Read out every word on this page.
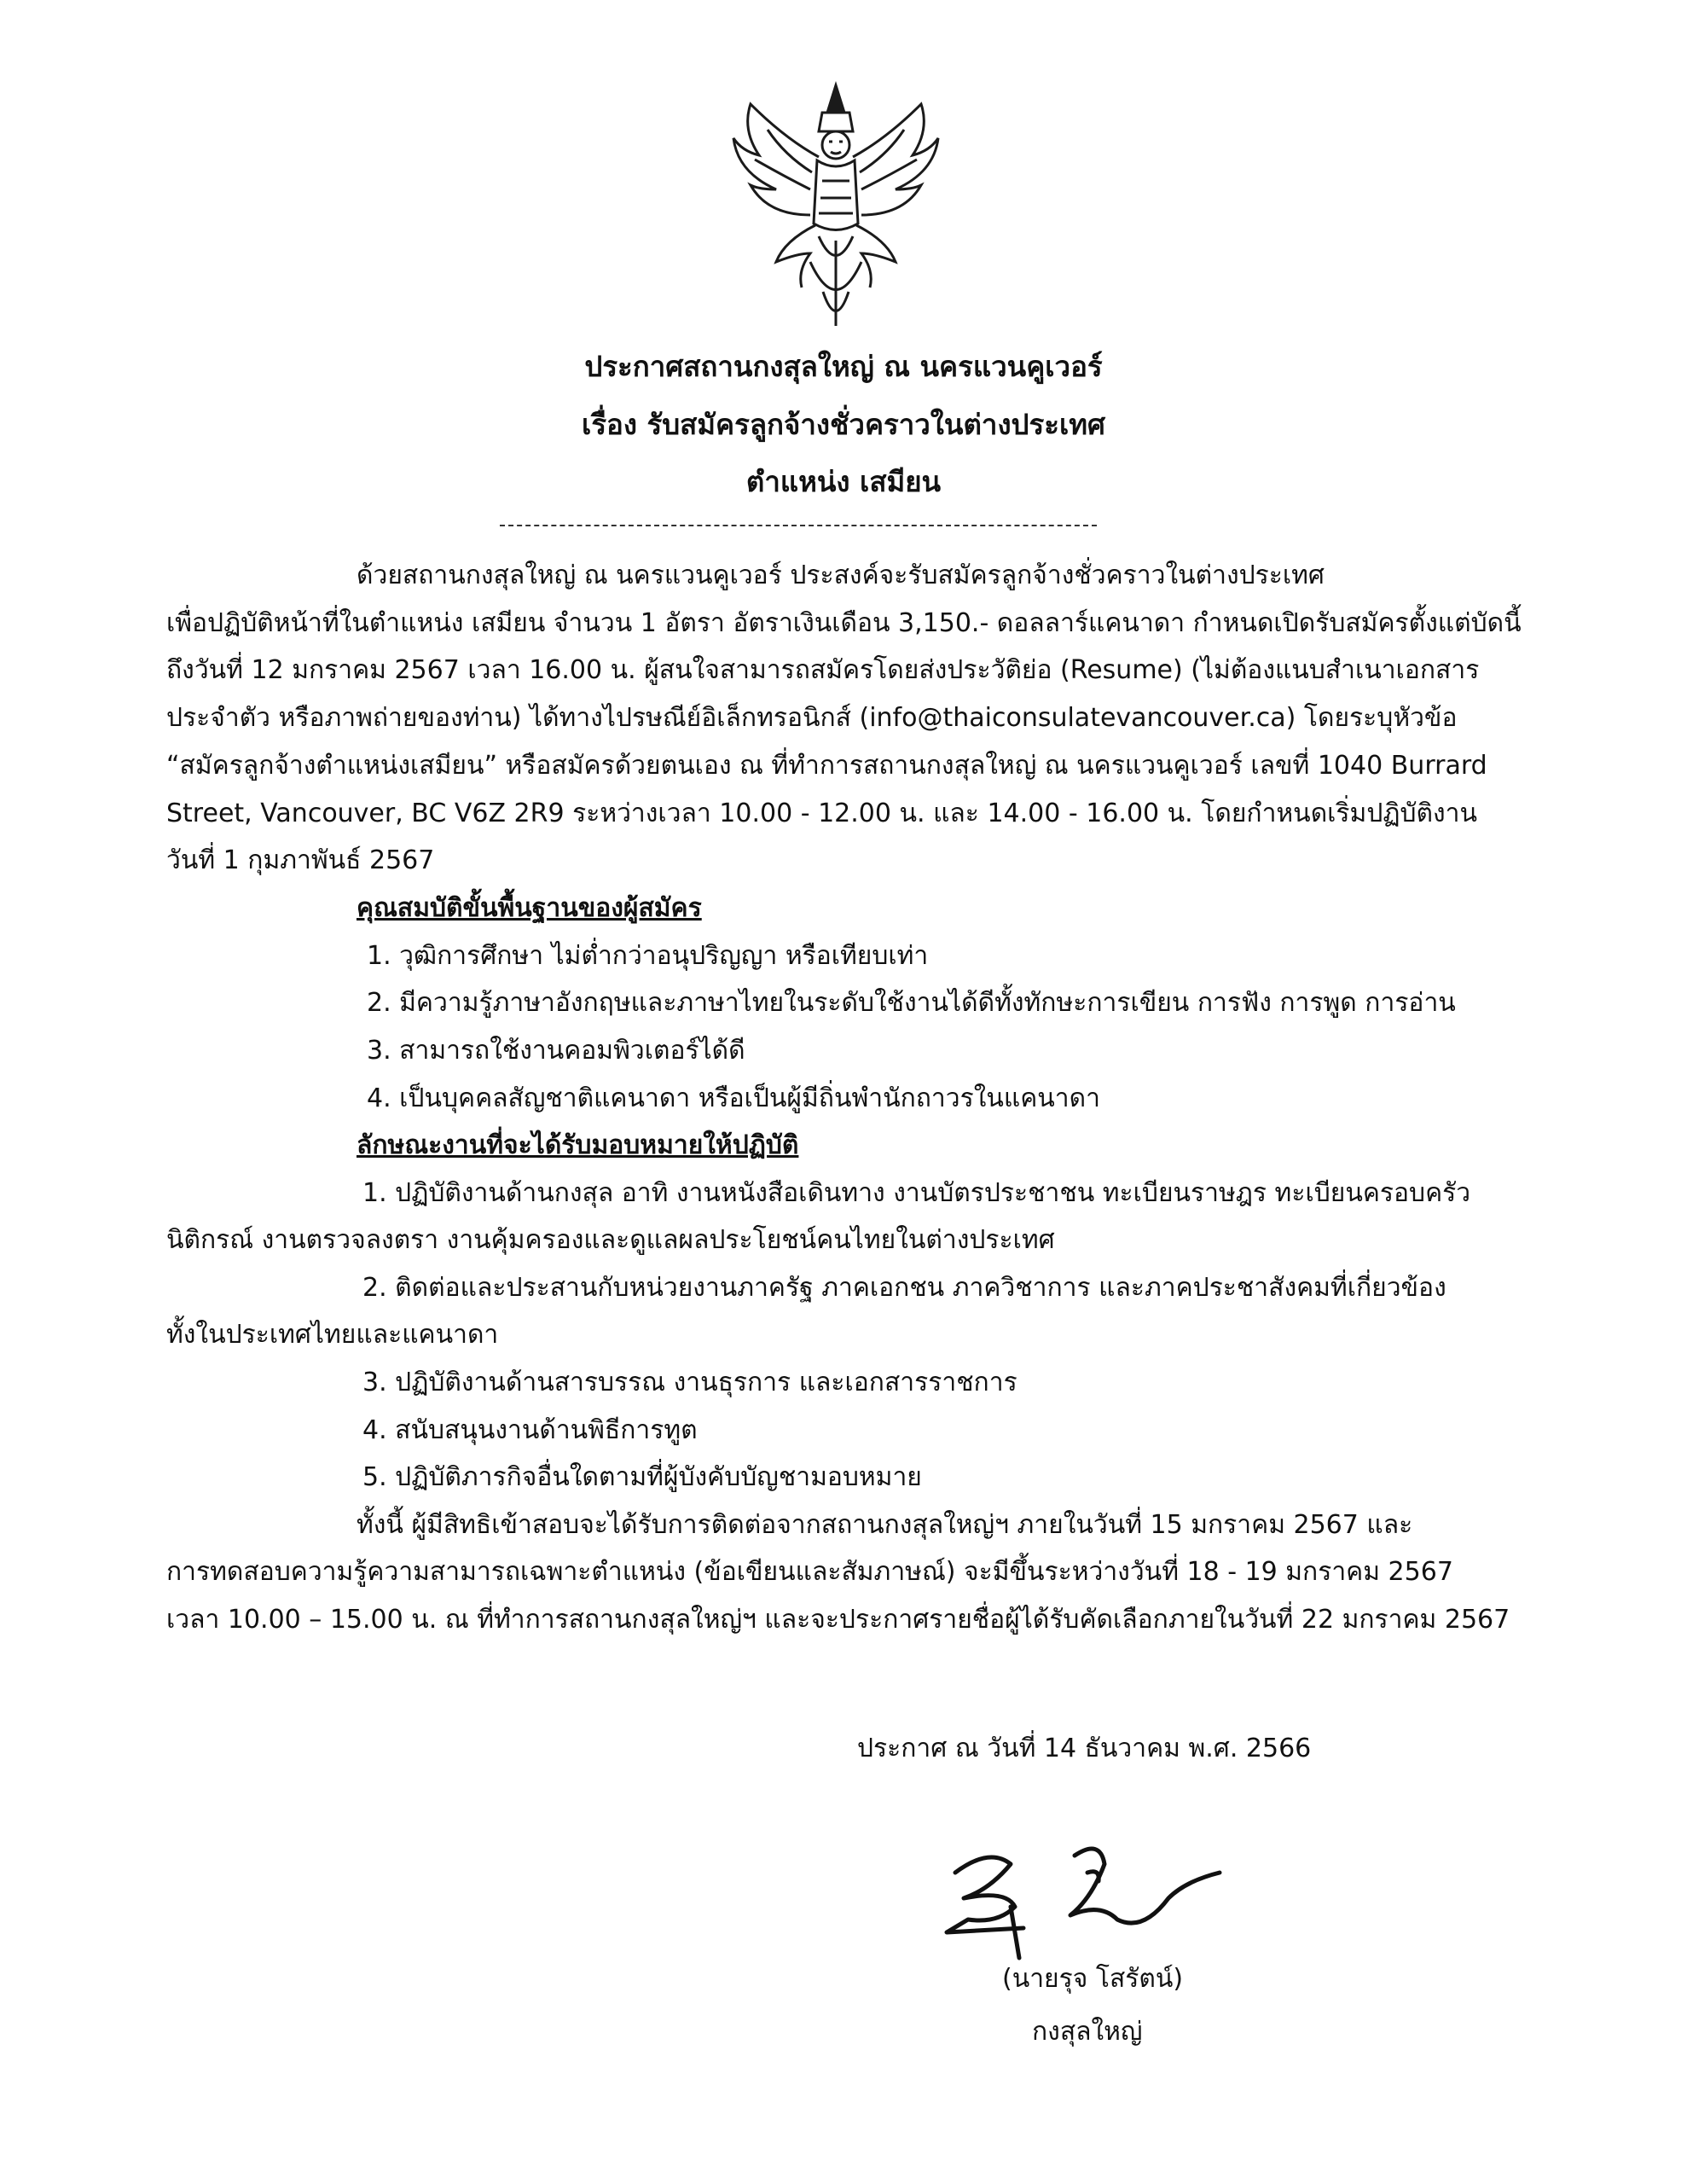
ประกาศสถานกงสุลใหญ่ ณ นครแวนคูเวอร์
เรื่อง รับสมัครลูกจ้างชั่วคราวในต่างประเทศ
ตำแหน่ง เสมียน
ด้วยสถานกงสุลใหญ่ ณ นครแวนคูเวอร์ ประสงค์จะรับสมัครลูกจ้างชั่วคราวในต่างประเทศ
เพื่อปฏิบัติหน้าที่ในตำแหน่ง เสมียน จำนวน 1 อัตรา อัตราเงินเดือน 3,150.- ดอลลาร์แคนาดา กำหนดเปิดรับสมัครตั้งแต่บัดนี้
ถึงวันที่ 12 มกราคม 2567 เวลา 16.00 น. ผู้สนใจสามารถสมัครโดยส่งประวัติย่อ (Resume) (ไม่ต้องแนบสำเนาเอกสาร
ประจำตัว หรือภาพถ่ายของท่าน) ได้ทางไปรษณีย์อิเล็กทรอนิกส์ (info@thaiconsulatevancouver.ca) โดยระบุหัวข้อ
“สมัครลูกจ้างตำแหน่งเสมียน” หรือสมัครด้วยตนเอง ณ ที่ทำการสถานกงสุลใหญ่ ณ นครแวนคูเวอร์ เลขที่ 1040 Burrard
Street, Vancouver, BC V6Z 2R9 ระหว่างเวลา 10.00 - 12.00 น. และ 14.00 - 16.00 น. โดยกำหนดเริ่มปฏิบัติงาน
วันที่ 1 กุมภาพันธ์ 2567
คุณสมบัติขั้นพื้นฐานของผู้สมัคร
1. วุฒิการศึกษา ไม่ต่ำกว่าอนุปริญญา หรือเทียบเท่า
2. มีความรู้ภาษาอังกฤษและภาษาไทยในระดับใช้งานได้ดีทั้งทักษะการเขียน การฟัง การพูด การอ่าน
3. สามารถใช้งานคอมพิวเตอร์ได้ดี
4. เป็นบุคคลสัญชาติแคนาดา หรือเป็นผู้มีถิ่นพำนักถาวรในแคนาดา
ลักษณะงานที่จะได้รับมอบหมายให้ปฏิบัติ
1. ปฏิบัติงานด้านกงสุล อาทิ งานหนังสือเดินทาง งานบัตรประชาชน ทะเบียนราษฎร ทะเบียนครอบครัว
นิติกรณ์ งานตรวจลงตรา งานคุ้มครองและดูแลผลประโยชน์คนไทยในต่างประเทศ
2. ติดต่อและประสานกับหน่วยงานภาครัฐ ภาคเอกชน ภาควิชาการ และภาคประชาสังคมที่เกี่ยวข้อง
ทั้งในประเทศไทยและแคนาดา
3. ปฏิบัติงานด้านสารบรรณ งานธุรการ และเอกสารราชการ
4. สนับสนุนงานด้านพิธีการทูต
5. ปฏิบัติภารกิจอื่นใดตามที่ผู้บังคับบัญชามอบหมาย
ทั้งนี้ ผู้มีสิทธิเข้าสอบจะได้รับการติดต่อจากสถานกงสุลใหญ่ฯ ภายในวันที่ 15 มกราคม 2567 และ
การทดสอบความรู้ความสามารถเฉพาะตำแหน่ง (ข้อเขียนและสัมภาษณ์) จะมีขึ้นระหว่างวันที่ 18 - 19 มกราคม 2567
เวลา 10.00 – 15.00 น. ณ ที่ทำการสถานกงสุลใหญ่ฯ และจะประกาศรายชื่อผู้ได้รับคัดเลือกภายในวันที่ 22 มกราคม 2567
ประกาศ ณ วันที่ 14 ธันวาคม พ.ศ. 2566
(นายรุจ โสรัตน์)
กงสุลใหญ่
